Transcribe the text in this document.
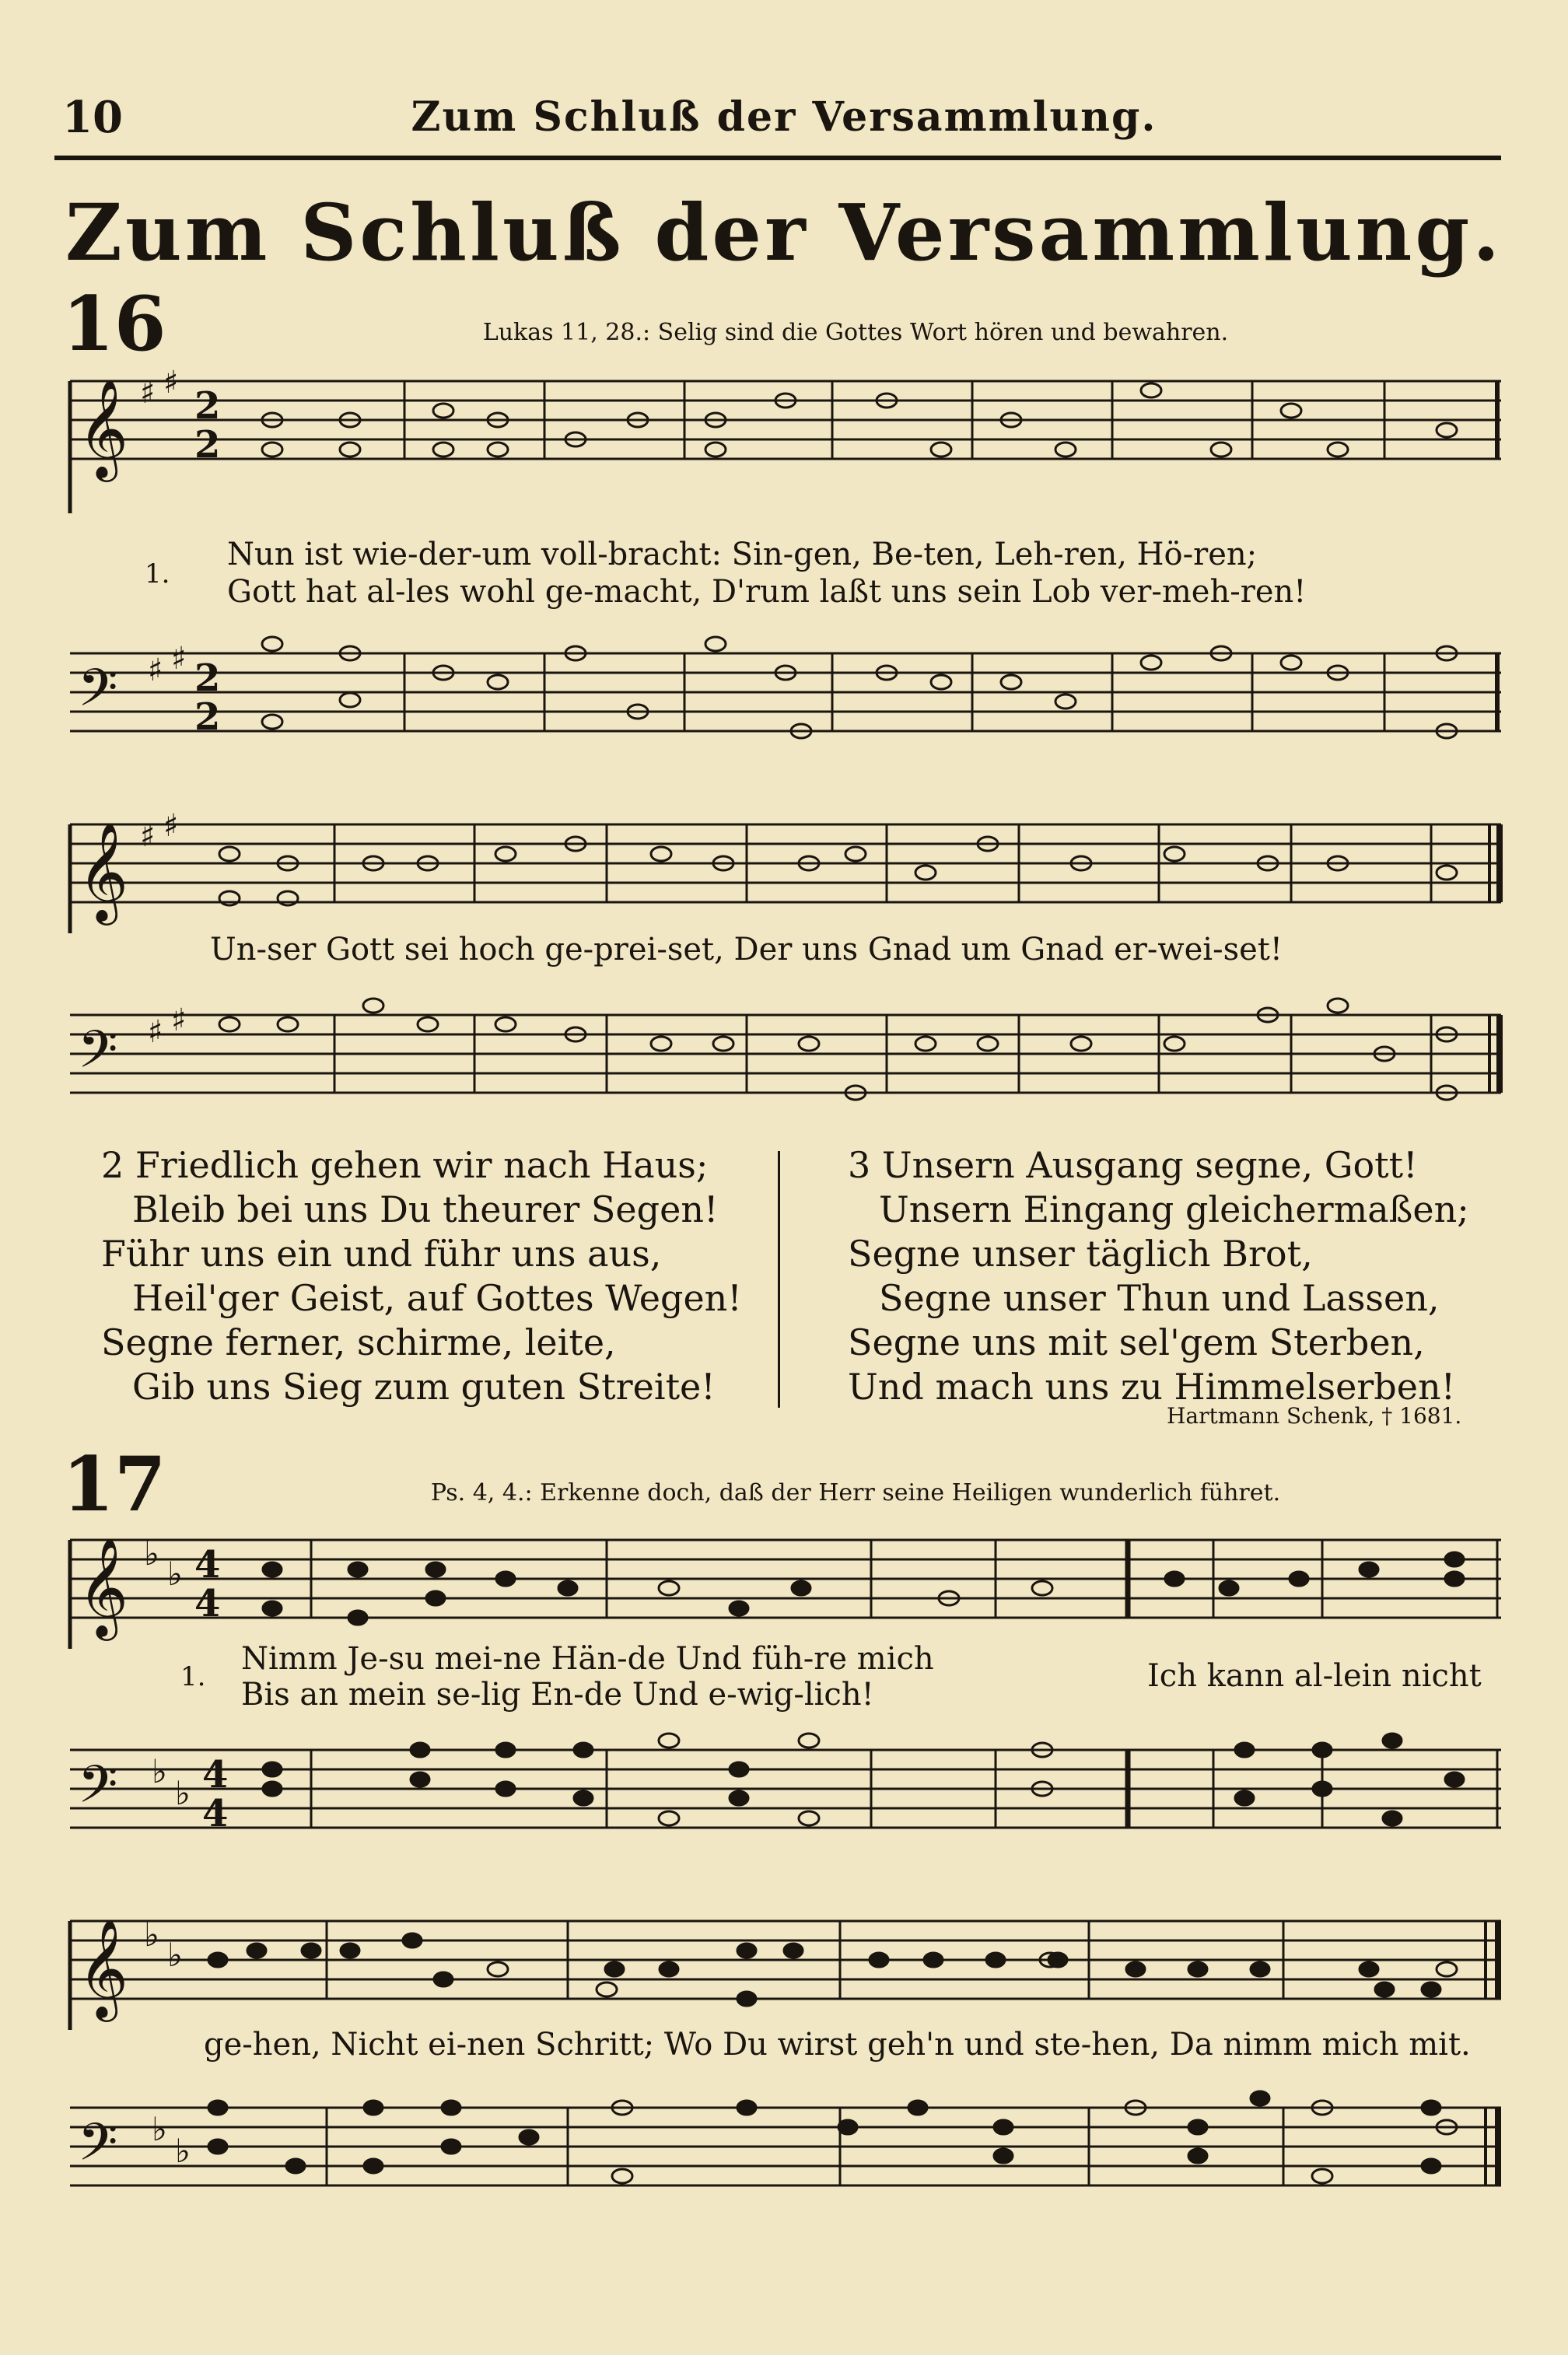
10	Zum Schluß der Versammlung.
Zum Schluß der Versammlung.
16	Lukas 11, 28.: Selig sind die Gottes Wort hören und bewahren.
𝄞 ♯ ♯
2
2
1.
Nun ist wie-der-um voll-bracht: Sin-gen, Be-ten, Leh-ren, Hö-ren;
Gott hat al-les wohl ge-macht, D'rum laßt uns sein Lob ver-meh-ren!
𝄢 ♯ ♯ 2
2
𝄞 ♯ ♯
Un-ser Gott sei hoch ge-prei-set, Der uns Gnad um Gnad er-wei-set!
𝄢 ♯ ♯
2 Friedlich gehen wir nach Haus;
Bleib bei uns Du theurer Segen!
Führ uns ein und führ uns aus,
Heil'ger Geist, auf Gottes Wegen!
Segne ferner, schirme, leite,
Gib uns Sieg zum guten Streite!
3 Unsern Ausgang segne, Gott!
Unsern Eingang gleichermaßen;
Segne unser täglich Brot,
Segne unser Thun und Lassen,
Segne uns mit sel'gem Sterben,
Und mach uns zu Himmelserben!
Hartmann Schenk, † 1681.
17	Ps. 4, 4.: Erkenne doch, daß der Herr seine Heiligen wunderlich führet.
𝄞 ♭
♭ 4
4
1. Nimm Je-su mei-ne Hän-de Und füh-re mich
Bis an mein se-lig En-de Und e-wig-lich!
Ich kann al-lein nicht
𝄢 ♭
♭ 4
4
𝄞 ♭
♭
ge-hen, Nicht ei-nen Schritt; Wo Du wirst geh'n und ste-hen, Da nimm mich mit.
𝄢 ♭
♭
